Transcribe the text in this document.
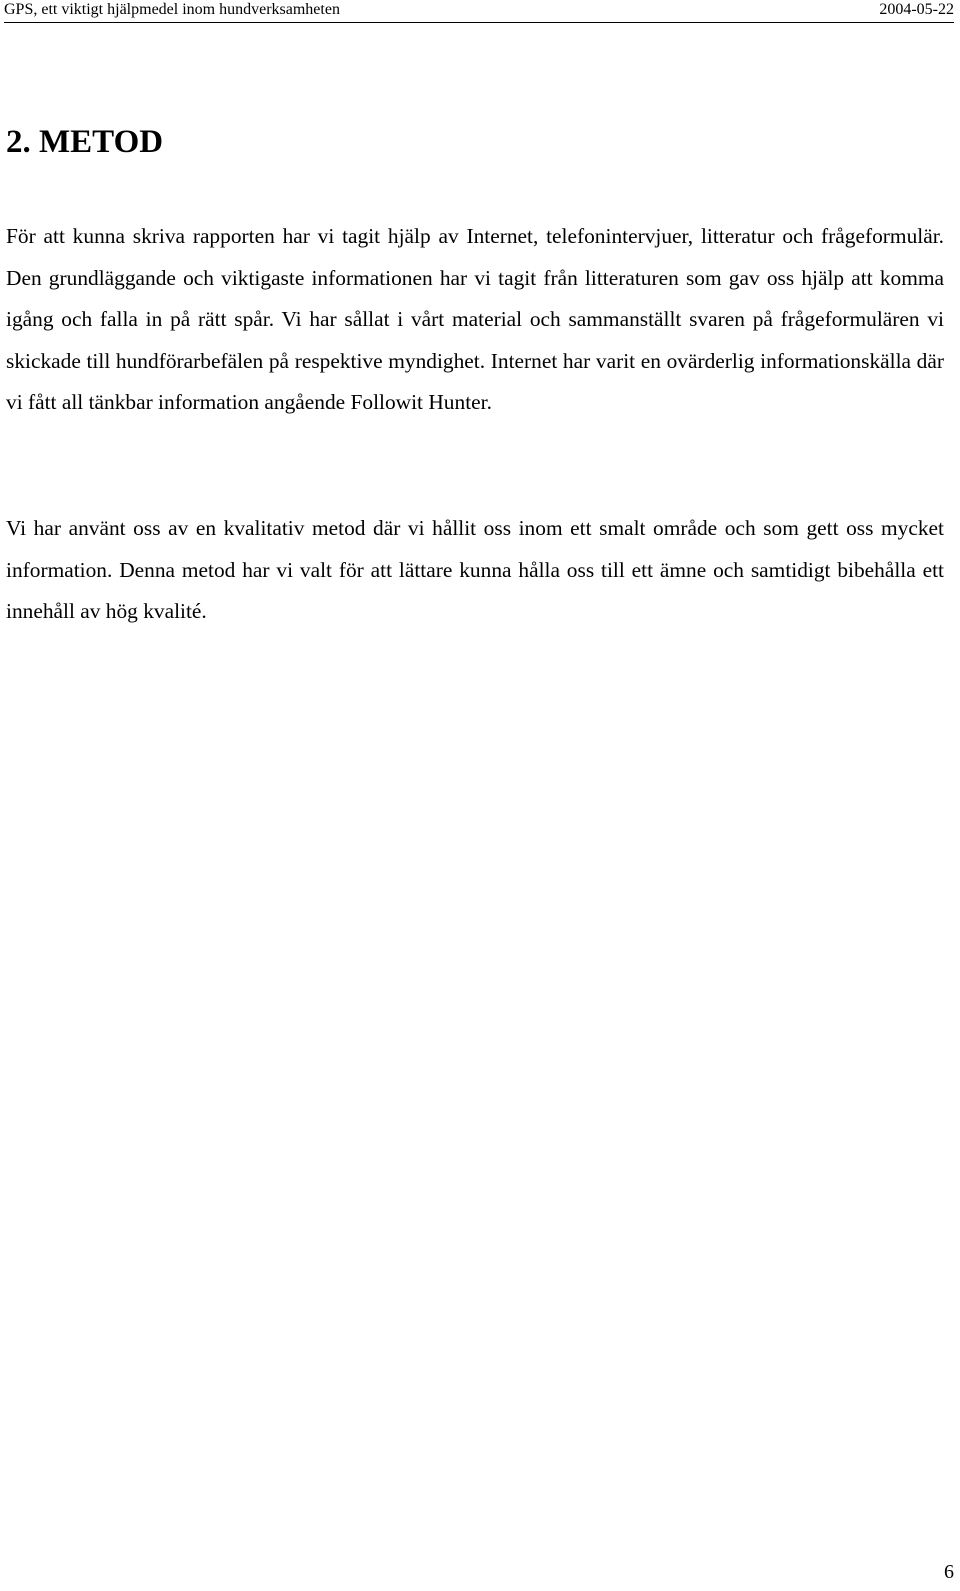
GPS, ett viktigt hjälpmedel inom hundverksamheten	2004-05-22
2. METOD

För att kunna skriva rapporten har vi tagit hjälp av Internet, telefonintervjuer, litteratur och frågeformulär. Den grundläggande och viktigaste informationen har vi tagit från litteraturen som gav oss hjälp att komma igång och falla in på rätt spår. Vi har sållat i vårt material och sammanställt svaren på frågeformulären vi skickade till hundförarbefälen på respektive myndighet. Internet har varit en ovärderlig informationskälla där vi fått all tänkbar information angående Followit Hunter.

Vi har använt oss av en kvalitativ metod där vi hållit oss inom ett smalt område och som gett oss mycket information. Denna metod har vi valt för att lättare kunna hålla oss till ett ämne och samtidigt bibehålla ett innehåll av hög kvalité.

6
